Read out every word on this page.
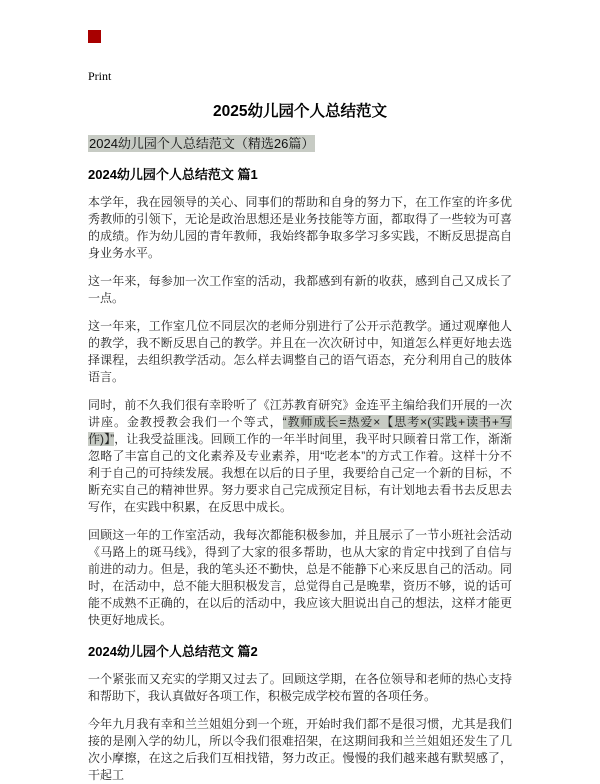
Print
2025幼儿园个人总结范文
2024幼儿园个人总结范文（精选26篇）
2024幼儿园个人总结范文 篇1

本学年，我在园领导的关心、同事们的帮助和自身的努力下，在工作室的许多优秀教师的引领下，无论是政治思想还是业务技能等方面，都取得了一些较为可喜的成绩。作为幼儿园的青年教师，我始终都争取多学习多实践，不断反思提高自身业务水平。

这一年来，每参加一次工作室的活动，我都感到有新的收获，感到自己又成长了一点。

这一年来，工作室几位不同层次的老师分别进行了公开示范教学。通过观摩他人的教学，我不断反思自己的教学。并且在一次次研讨中，知道怎么样更好地去选择课程，去组织教学活动。怎么样去调整自己的语气语态，充分利用自己的肢体语言。

同时，前不久我们很有幸聆听了《江苏教育研究》金连平主编给我们开展的一次讲座。金教授教会我们一个等式，“教师成长=热爱×【思考×(实践+读书+写作)】”，让我受益匪浅。回顾工作的一年半时间里，我平时只顾着日常工作，渐渐忽略了丰富自己的文化素养及专业素养，用“吃老本”的方式工作着。这样十分不利于自己的可持续发展。我想在以后的日子里，我要给自己定一个新的目标，不断充实自己的精神世界。努力要求自己完成预定目标，有计划地去看书去反思去写作，在实践中积累，在反思中成长。

回顾这一年的工作室活动，我每次都能积极参加，并且展示了一节小班社会活动《马路上的斑马线》，得到了大家的很多帮助，也从大家的肯定中找到了自信与前进的动力。但是，我的笔头还不勤快，总是不能静下心来反思自己的活动。同时，在活动中，总不能大胆积极发言，总觉得自己是晚辈，资历不够，说的话可能不成熟不正确的，在以后的活动中，我应该大胆说出自己的想法，这样才能更快更好地成长。

2024幼儿园个人总结范文 篇2

一个紧张而又充实的学期又过去了。回顾这学期，在各位领导和老师的热心支持和帮助下，我认真做好各项工作，积极完成学校布置的各项任务。

今年九月我有幸和兰兰姐姐分到一个班，开始时我们都不是很习惯，尤其是我们接的是刚入学的幼儿，所以令我们很难招架，在这期间我和兰兰姐姐还发生了几次小摩擦，在这之后我们互相找错，努力改正。慢慢的我们越来越有默契感了，干起工
